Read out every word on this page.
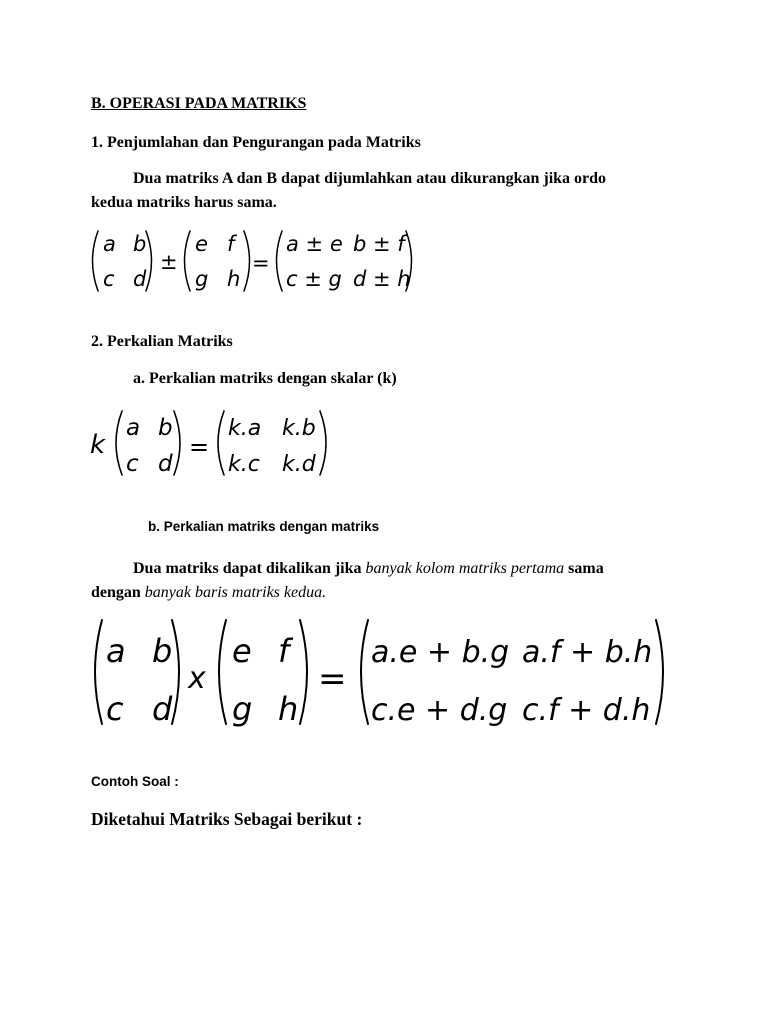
B. OPERASI PADA MATRIKS
1. Penjumlahan dan Pengurangan pada Matriks
Dua matriks A dan B dapat dijumlahkan atau dikurangkan jika ordo
kedua matriks harus sama.
a b
c d
±
e f
g h
=
a ± e b ± f
c ± g d ± h
2. Perkalian Matriks
a. Perkalian matriks dengan skalar (k)
k
a b
c d
=
k.a k.b
k.c k.d
b. Perkalian matriks dengan matriks
Dua matriks dapat dikalikan jika banyak kolom matriks pertama sama
dengan banyak baris matriks kedua.
a b
c d
x
e f
g h
=
a.e + b.g a.f + b.h
c.e + d.g c.f + d.h
Contoh Soal :
Diketahui Matriks Sebagai berikut :
